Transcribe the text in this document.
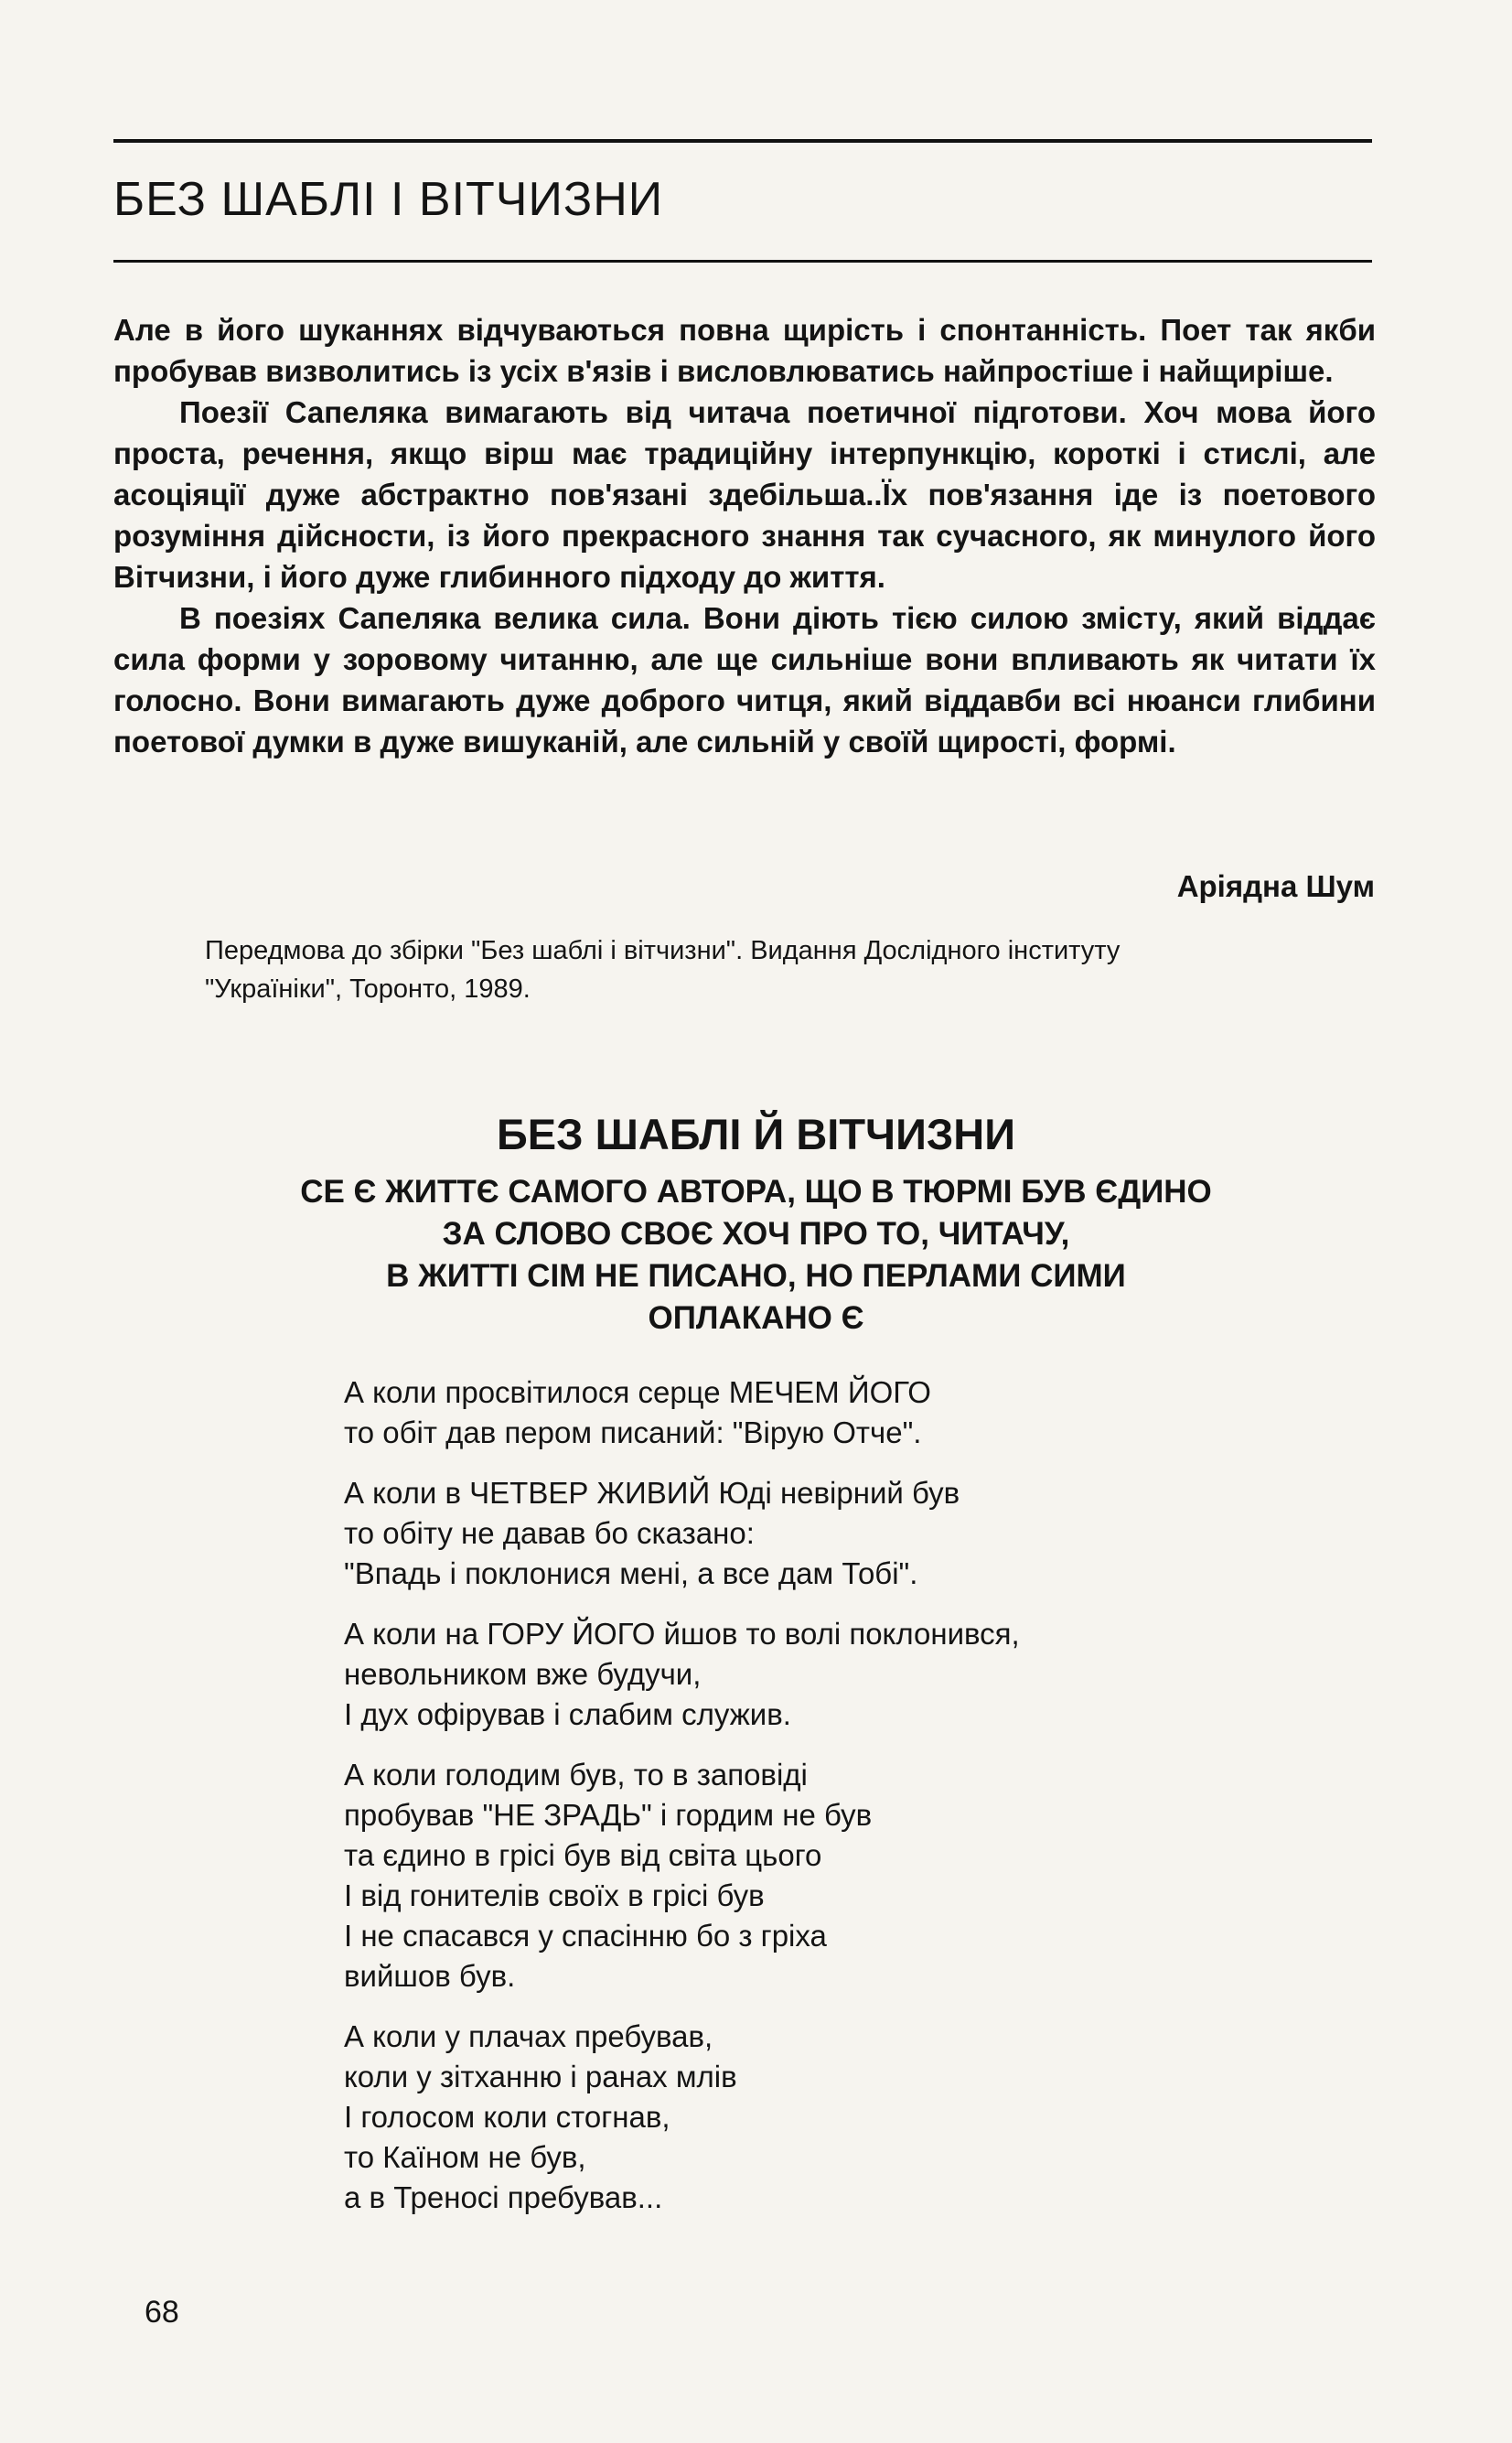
БЕЗ ШАБЛІ І ВІТЧИЗНИ

Але в його шуканнях відчуваються повна щирість і спонтанність. Поет так якби пробував визволитись із усіх в'язів і висловлюватись найпростіше і найщиріше.

Поезії Сапеляка вимагають від читача поетичної підготови. Хоч мова його проста, речення, якщо вірш має традиційну інтерпункцію, короткі і стислі, але асоціяції дуже абстрактно пов'язані здебільша..Їх пов'язання іде із поетового розуміння дійсности, із його прекрасного знання так сучасного, як минулого його Вітчизни, і його дуже глибинного підходу до життя.

В поезіях Сапеляка велика сила. Вони діють тією силою змісту, який віддає сила форми у зоровому читанню, але ще сильніше вони впливають як читати їх голосно. Вони вимагають дуже доброго читця, який віддавби всі нюанси глибини поетової думки в дуже вишуканій, але сильній у своїй щирості, формі.

Аріядна Шум
Передмова до збірки "Без шаблі і вітчизни". Видання Дослідного інституту
"Україніки", Торонто, 1989.
БЕЗ ШАБЛІ Й ВІТЧИЗНИ
СЕ Є ЖИТТЄ САМОГО АВТОРА, ЩО В ТЮРМІ БУВ ЄДИНО
ЗА СЛОВО СВОЄ ХОЧ ПРО ТО, ЧИТАЧУ,
В ЖИТТІ СІМ НЕ ПИСАНО, НО ПЕРЛАМИ СИМИ
ОПЛАКАНО Є
А коли просвітилося серце МЕЧЕМ ЙОГО
то обіт дав пером писаний: "Вірую Отче".
А коли в ЧЕТВЕР ЖИВИЙ Юді невірний був
то обіту не давав бо сказано:
"Впадь і поклонися мені, а все дам Тобі".
А коли на ГОРУ ЙОГО йшов то волі поклонився,
невольником вже будучи,
І дух офірував і слабим служив.
А коли голодим був, то в заповіді
пробував "НЕ ЗРАДЬ" і гордим не був
та єдино в грісі був від світа цього
І від гонителів своїх в грісі був
І не спасався у спасінню бо з гріха
вийшов був.
А коли у плачах пребував,
коли у зітханню і ранах млів
І голосом коли стогнав,
то Каїном не був,
а в Треносі пребував...
68
